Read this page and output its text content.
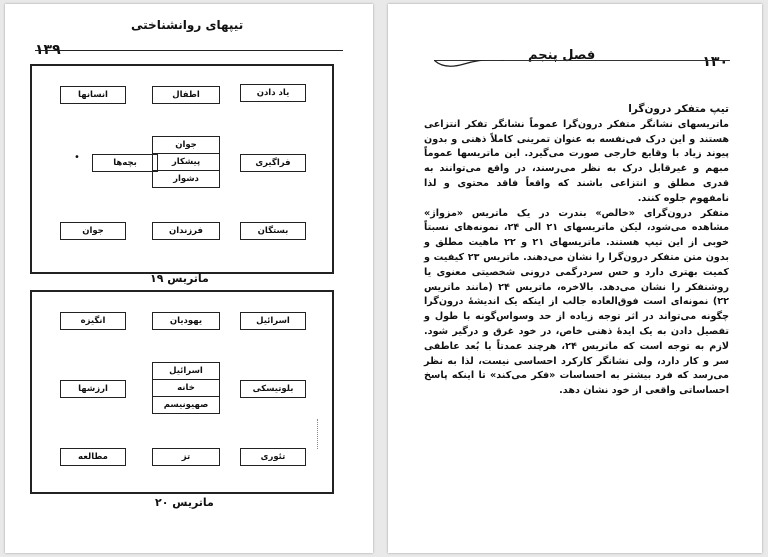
تیپهای روانشناختی
۱۳۹
انسانها	اطفال	یاد دادن
جوان
پیشکار
دشوار
•	بچه‌ها	فراگیری
جوان	فرزندان	بستگان
ماتریس ۱۹
انگیزه	یهودیان	اسرائیل
اسرائیل
خانه
صهیونیسم
ارزشها	بلوتیسکی
مطالعه	تز	تئوری
ماتریس ۲۰
فصل پنجم	۱۳۰
تیپ متفکر درون‌گرا

ماتریسهای نشانگر متفکر درون‌گرا عموماً نشانگر تفکر انتزاعی هستند و این درک فی‌نفسه به عنوان تمرینی کاملاً ذهنی و بدون پیوند زیاد با وقایع خارجی صورت می‌گیرد. این ماتریسها عموماً مبهم و غیرقابل درک به نظر می‌رسند، در واقع می‌توانند به قدری مطلق و انتزاعی باشند که واقعاً فاقد محتوی و لذا نامفهوم جلوه کنند.

متفکر درون‌گرای «خالص» بندرت در یک ماتریس «مزواژ» مشاهده می‌شود، لیکن ماتریسهای ۲۱ الی ۲۴، نمونه‌های نسبتاً خوبی از این تیپ هستند. ماتریسهای ۲۱ و ۲۲ ماهیت مطلق و بدون متن متفکر درون‌گرا را نشان می‌دهند. ماتریس ۲۳ کیفیت و کمیت بهتری دارد و حس سردرگمی درونی شخصیتی معنوی یا روشنفکر را نشان می‌دهد. بالاخره، ماتریس ۲۴ (مانند ماتریس ۲۲) نمونه‌ای است فوق‌العاده جالب از اینکه یک اندیشهٔ درون‌گرا چگونه می‌تواند در اثر توجه زیاده از حد وسواس‌گونه با طول و تفصیل دادن به یک ایدهٔ ذهنی خاص، در خود غرق و درگیر شود. لازم به توجه است که ماتریس ۲۴، هرچند عمدتاً با بُعد عاطفی سر و کار دارد، ولی نشانگر کارکرد احساسی نیست، لذا به نظر می‌رسد که فرد بیشتر به احساسات «فکر می‌کند» تا اینکه پاسخ احساساتی واقعی از خود نشان دهد.
